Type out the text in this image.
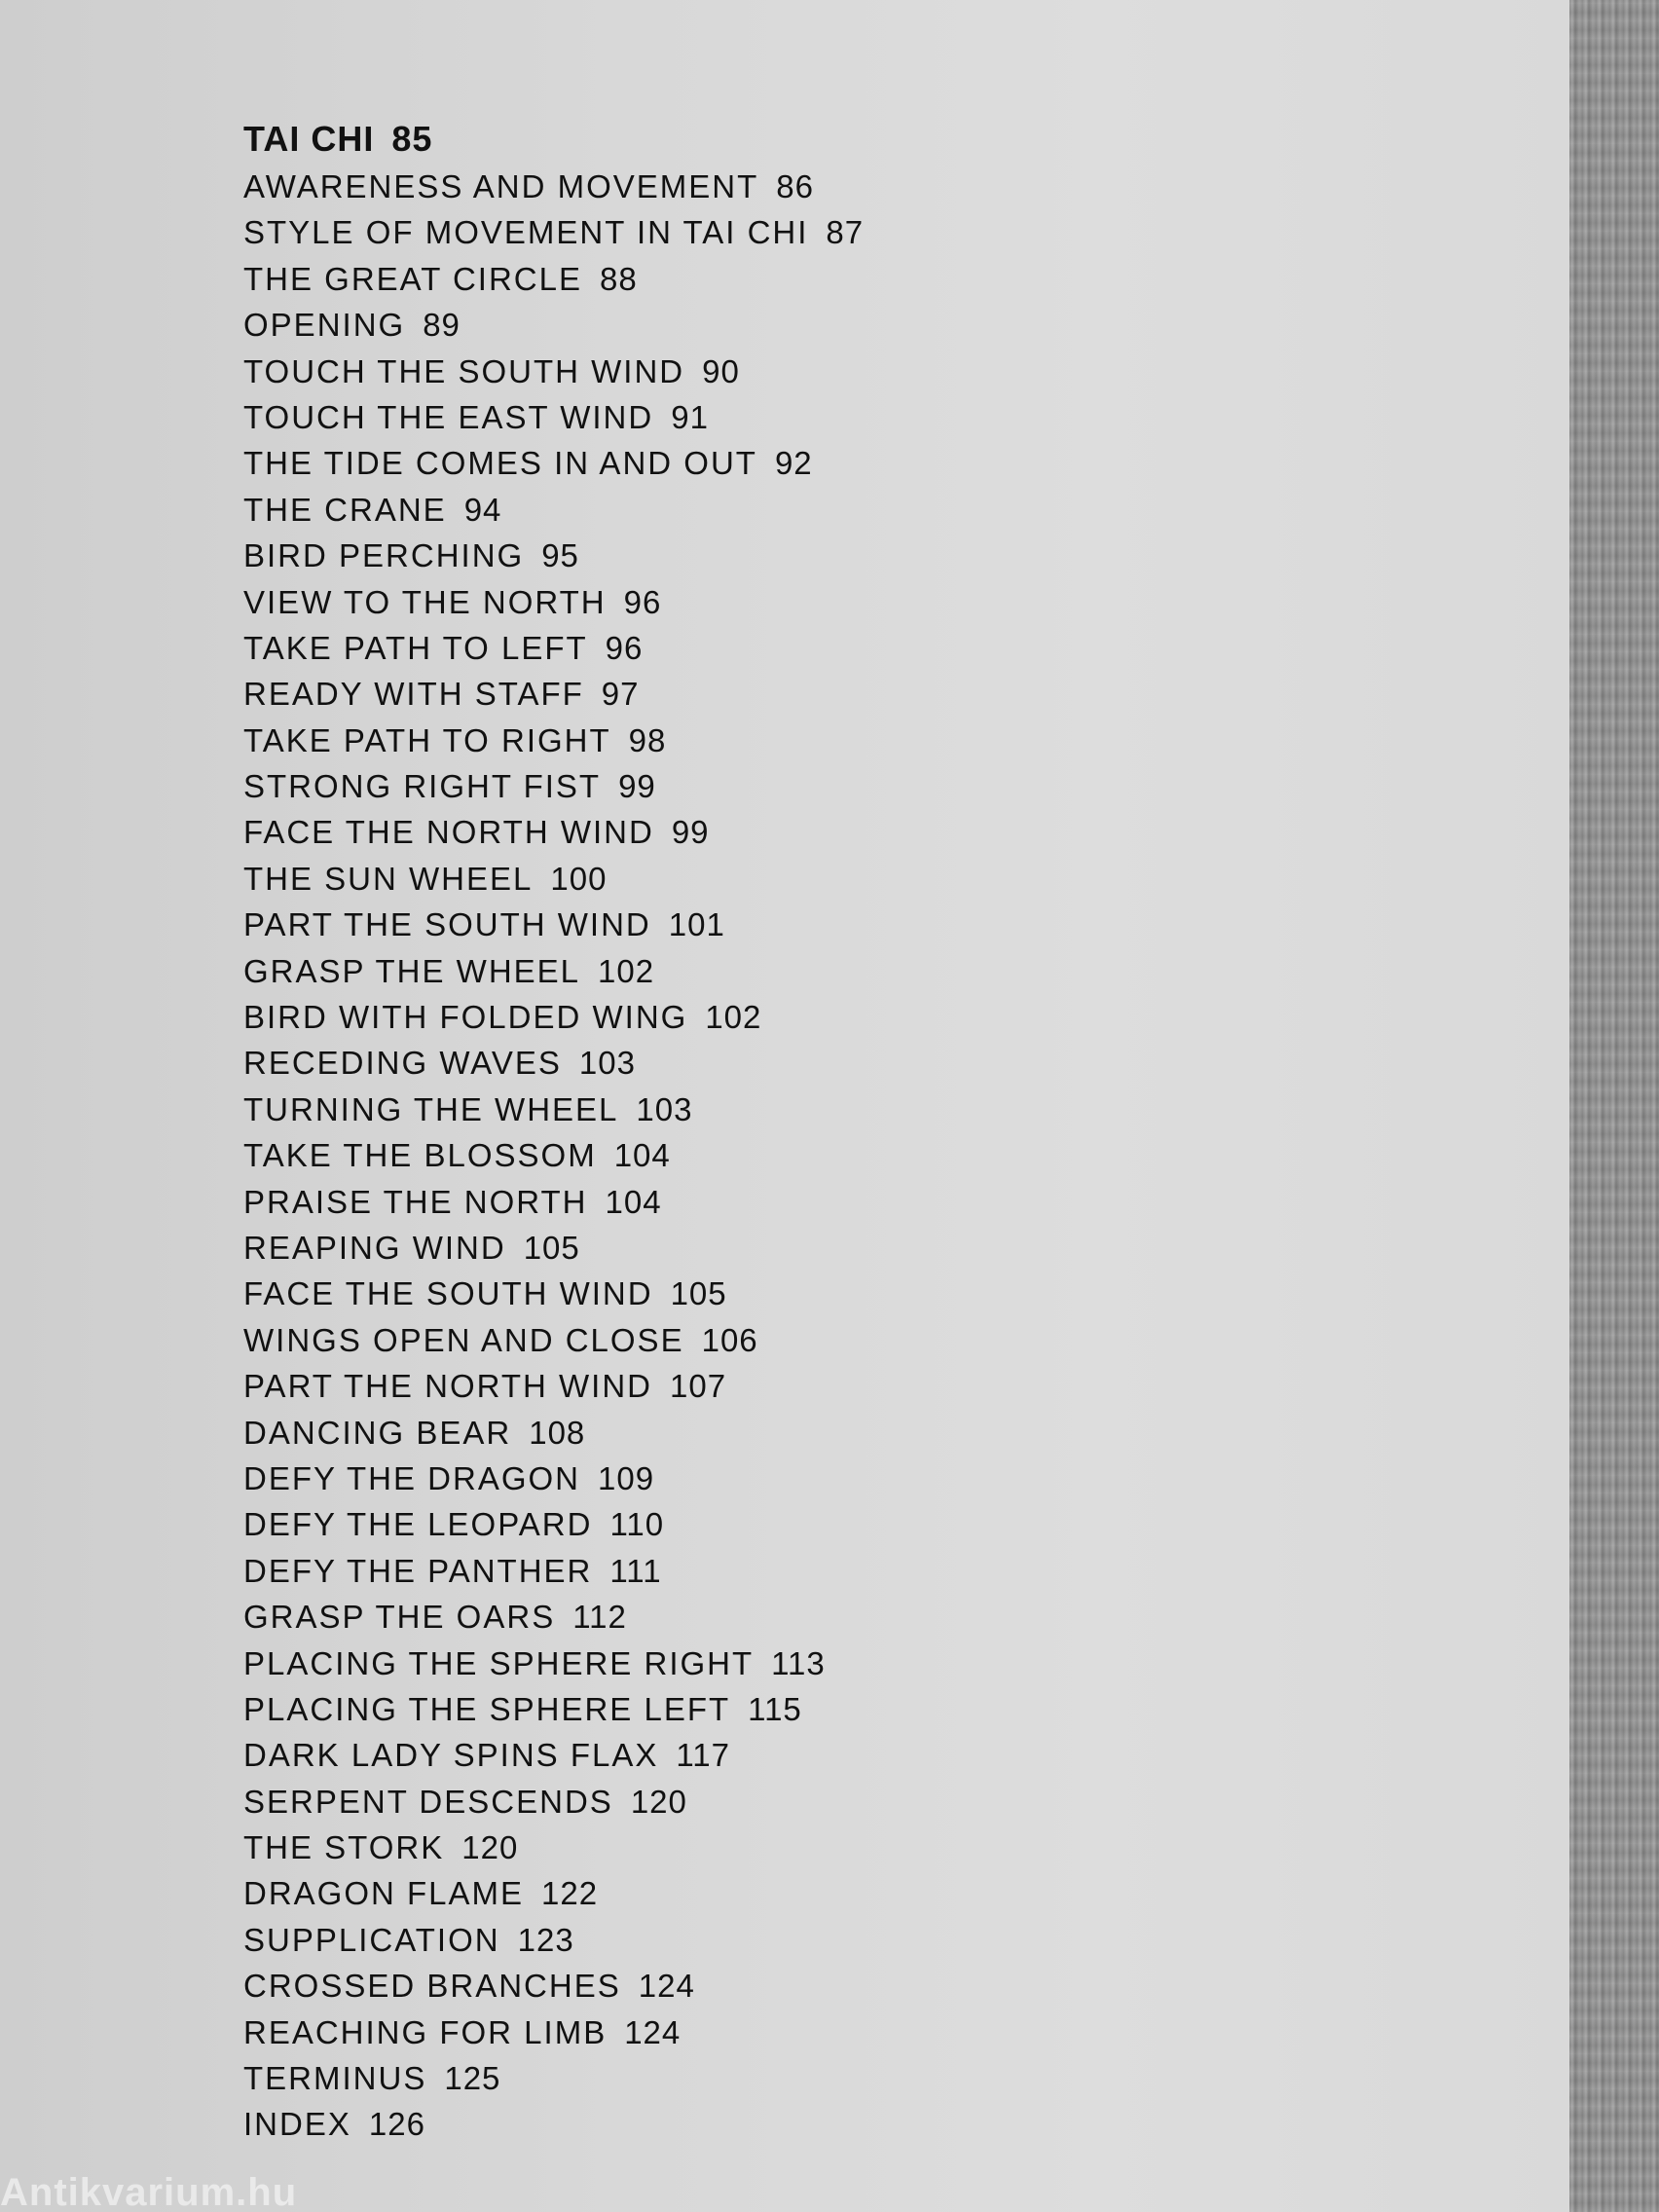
TAI CHI 85
AWARENESS AND MOVEMENT 86
STYLE OF MOVEMENT IN TAI CHI 87
THE GREAT CIRCLE 88
OPENING 89
TOUCH THE SOUTH WIND 90
TOUCH THE EAST WIND 91
THE TIDE COMES IN AND OUT 92
THE CRANE 94
BIRD PERCHING 95
VIEW TO THE NORTH 96
TAKE PATH TO LEFT 96
READY WITH STAFF 97
TAKE PATH TO RIGHT 98
STRONG RIGHT FIST 99
FACE THE NORTH WIND 99
THE SUN WHEEL 100
PART THE SOUTH WIND 101
GRASP THE WHEEL 102
BIRD WITH FOLDED WING 102
RECEDING WAVES 103
TURNING THE WHEEL 103
TAKE THE BLOSSOM 104
PRAISE THE NORTH 104
REAPING WIND 105
FACE THE SOUTH WIND 105
WINGS OPEN AND CLOSE 106
PART THE NORTH WIND 107
DANCING BEAR 108
DEFY THE DRAGON 109
DEFY THE LEOPARD 110
DEFY THE PANTHER 111
GRASP THE OARS 112
PLACING THE SPHERE RIGHT 113
PLACING THE SPHERE LEFT 115
DARK LADY SPINS FLAX 117
SERPENT DESCENDS 120
THE STORK 120
DRAGON FLAME 122
SUPPLICATION 123
CROSSED BRANCHES 124
REACHING FOR LIMB 124
TERMINUS 125
INDEX 126
Antikvarium.hu
